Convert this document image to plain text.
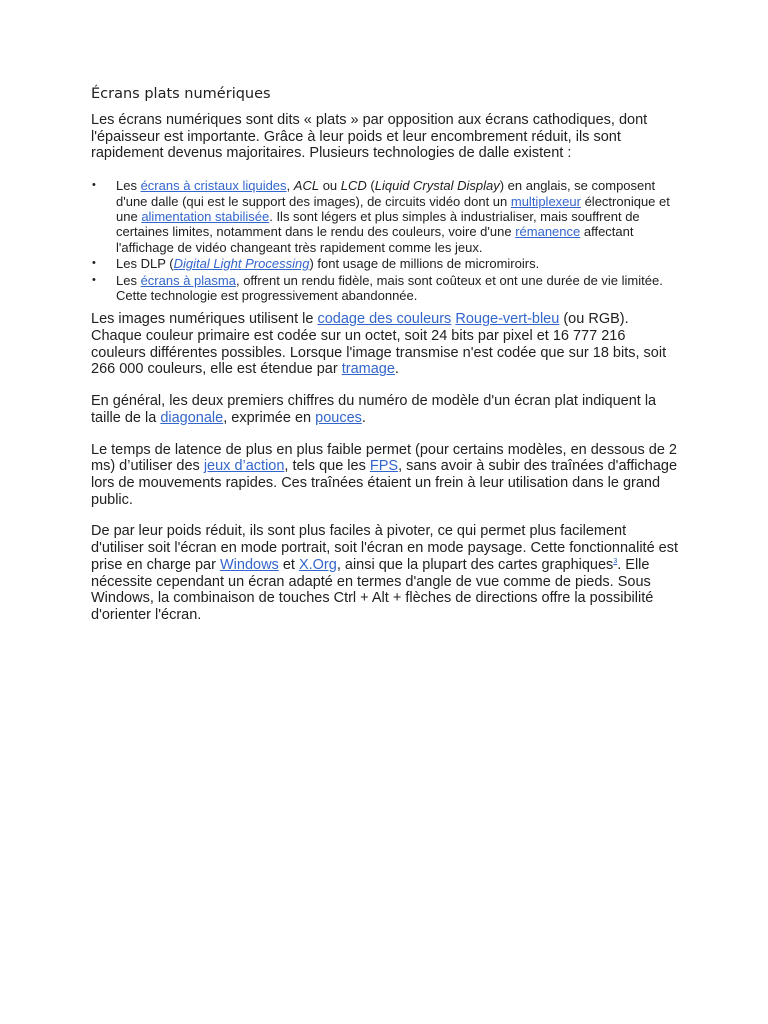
Écrans plats numériques

Les écrans numériques sont dits « plats » par opposition aux écrans cathodiques, dont l'épaisseur est importante. Grâce à leur poids et leur encombrement réduit, ils sont rapidement devenus majoritaires. Plusieurs technologies de dalle existent :

• Les écrans à cristaux liquides, ACL ou LCD (Liquid Crystal Display) en anglais, se composent d'une dalle (qui est le support des images), de circuits vidéo dont un multiplexeur électronique et une alimentation stabilisée. Ils sont légers et plus simples à industrialiser, mais souffrent de certaines limites, notamment dans le rendu des couleurs, voire d'une rémanence affectant l'affichage de vidéo changeant très rapidement comme les jeux.
• Les DLP (Digital Light Processing) font usage de millions de micromiroirs.
• Les écrans à plasma, offrent un rendu fidèle, mais sont coûteux et ont une durée de vie limitée. Cette technologie est progressivement abandonnée.

Les images numériques utilisent le codage des couleurs Rouge-vert-bleu (ou RGB). Chaque couleur primaire est codée sur un octet, soit 24 bits par pixel et 16 777 216 couleurs différentes possibles. Lorsque l'image transmise n'est codée que sur 18 bits, soit 266 000 couleurs, elle est étendue par tramage.

En général, les deux premiers chiffres du numéro de modèle d'un écran plat indiquent la taille de la diagonale, exprimée en pouces.

Le temps de latence de plus en plus faible permet (pour certains modèles, en dessous de 2 ms) d’utiliser des jeux d’action, tels que les FPS, sans avoir à subir des traînées d'affichage lors de mouvements rapides. Ces traînées étaient un frein à leur utilisation dans le grand public.

De par leur poids réduit, ils sont plus faciles à pivoter, ce qui permet plus facilement d'utiliser soit l'écran en mode portrait, soit l'écran en mode paysage. Cette fonctionnalité est prise en charge par Windows et X.Org, ainsi que la plupart des cartes graphiques$^3$. Elle nécessite cependant un écran adapté en termes d'angle de vue comme de pieds. Sous Windows, la combinaison de touches Ctrl + Alt + flèches de directions offre la possibilité d'orienter l'écran.
